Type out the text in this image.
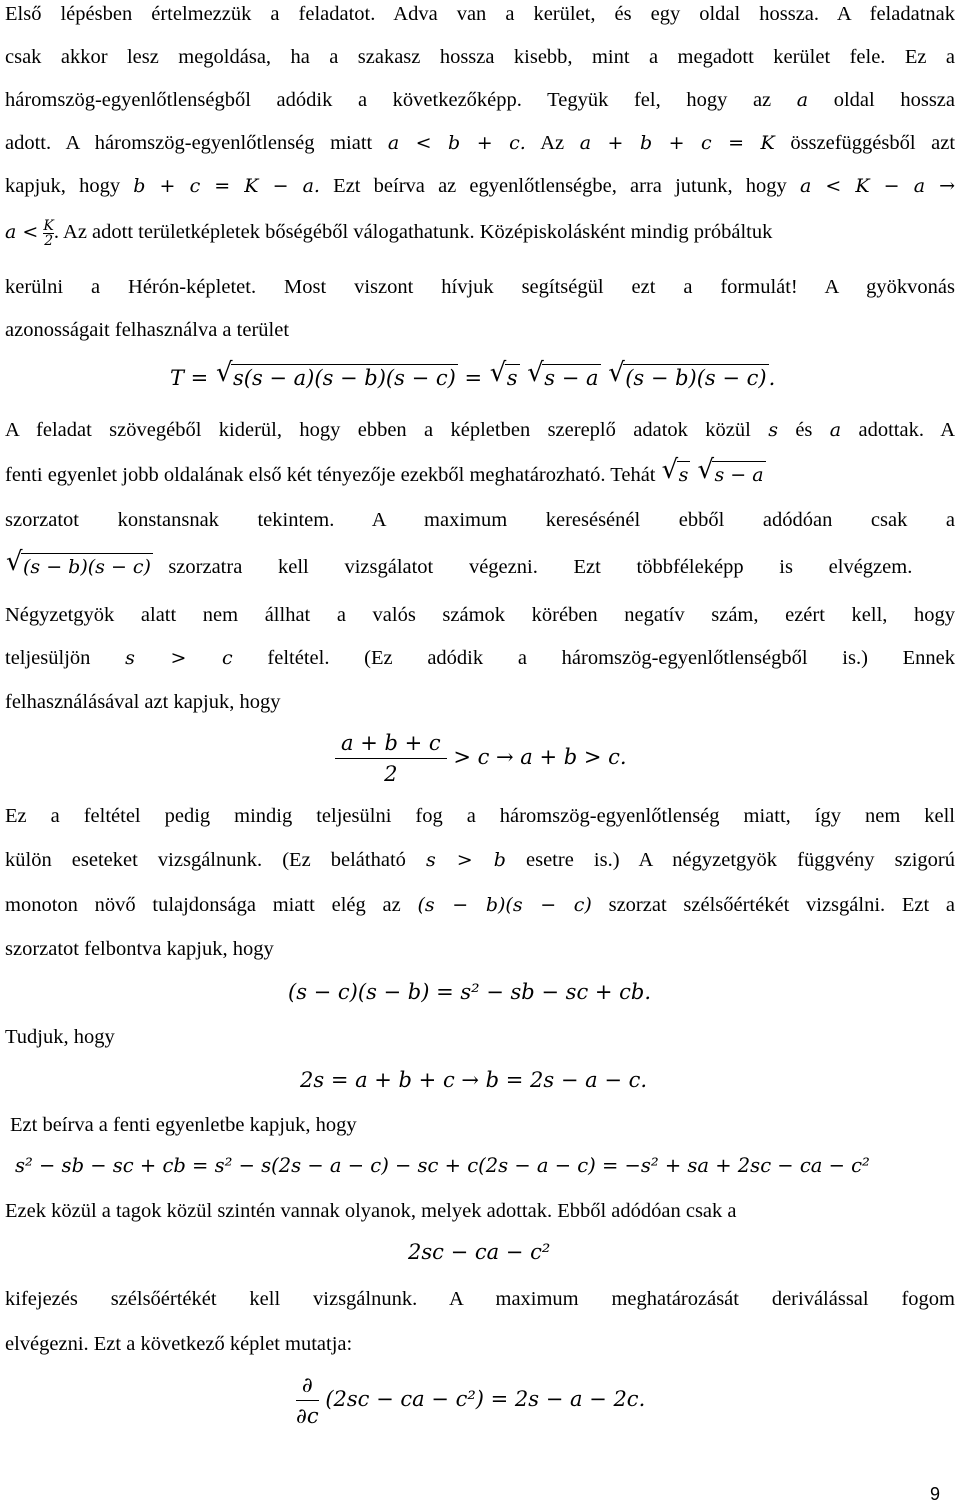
Első lépésben értelmezzük a feladatot. Adva van a kerület, és egy oldal hossza. A feladatnak
csak akkor lesz megoldása, ha a szakasz hossza kisebb, mint a megadott kerület fele. Ez a
háromszög-egyenlőtlenségből adódik a következőképp. Tegyük fel, hogy az a oldal hossza
adott. A háromszög-egyenlőtlenség miatt a < b + c. Az a + b + c = K összefüggésből azt
kapjuk, hogy b + c = K − a. Ezt beírva az egyenlőtlenségbe, arra jutunk, hogy a < K − a →
$a < \frac{K}{2}$ . Az adott területképletek bőségéből válogathatunk. Középiskolásként mindig próbáltuk
kerülni a Hérón-képletet. Most viszont hívjuk segítségül ezt a formulát! A gyökvonás
azonosságait felhasználva a terület
T = √ s(s − a)(s − b)(s − c) = √ s √ s − a √ (s − b)(s − c).
A feladat szövegéből kiderül, hogy ebben a képletben szereplő adatok közül s és a adottak. A
fenti egyenlet jobb oldalának első két tényezője ezekből meghatározható. Tehát √ s √ s − a
szorzatot konstansnak tekintem. A maximum keresésénél ebből adódóan csak a
√ (s − b)(s − c) szorzatra kell vizsgálatot végezni. Ezt többféleképp is elvégzem.
Négyzetgyök alatt nem állhat a valós számok körében negatív szám, ezért kell, hogy
teljesüljön s > c feltétel. (Ez adódik a háromszög-egyenlőtlenségből is.) Ennek
felhasználásával azt kapjuk, hogy
$\frac{a + b + c}{2} > c \to a + b > c$.
Ez a feltétel pedig mindig teljesülni fog a háromszög-egyenlőtlenség miatt, így nem kell
külön eseteket vizsgálnunk. (Ez belátható s > b esetre is.) A négyzetgyök függvény szigorú
monoton növő tulajdonsága miatt elég az (s − b)(s − c) szorzat szélsőértékét vizsgálni. Ezt a
szorzatot felbontva kapjuk, hogy
(s − c)(s − b) = s² − sb − sc + cb.
Tudjuk, hogy
2s = a + b + c → b = 2s − a − c.
Ezt beírva a fenti egyenletbe kapjuk, hogy
s² − sb − sc + cb = s² − s(2s − a − c) − sc + c(2s − a − c) = −s² + sa + 2sc − ca − c²
Ezek közül a tagok közül szintén vannak olyanok, melyek adottak. Ebből adódóan csak a
2sc − ca − c²
kifejezés szélsőértékét kell vizsgálnunk. A maximum meghatározását deriválással fogom
elvégezni. Ezt a következő képlet mutatja:
$\frac{\partial}{\partial c} (2sc$ − ca − c²) = 2s − a − 2c.
9
